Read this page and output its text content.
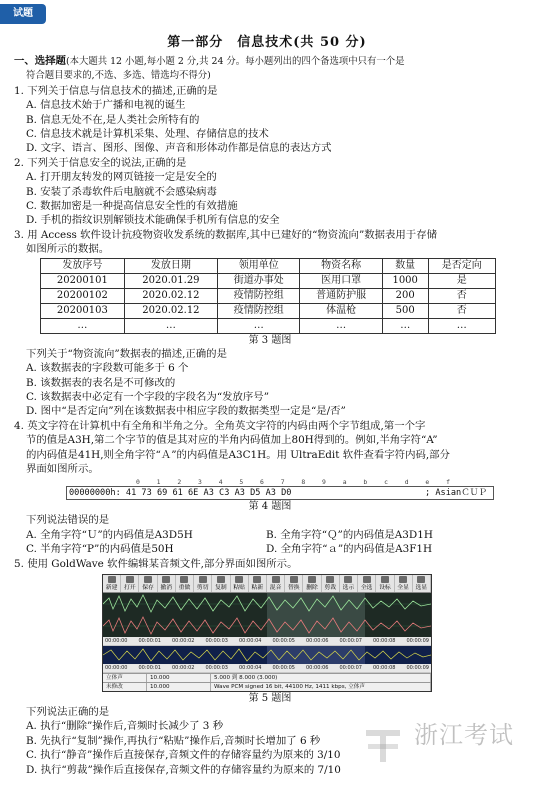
试题
第一部分　信息技术(共 50 分)
一、选择题(本大题共 12 小题,每小题 2 分,共 24 分。每小题列出的四个备选项中只有一个是
符合题目要求的,不选、多选、错选均不得分)
1. 下列关于信息与信息技术的描述,正确的是
A. 信息技术始于广播和电视的诞生
B. 信息无处不在,是人类社会所特有的
C. 信息技术就是计算机采集、处理、存储信息的技术
D. 文字、语言、图形、图像、声音和形体动作都是信息的表达方式
2. 下列关于信息安全的说法,正确的是
A. 打开朋友转发的网页链接一定是安全的
B. 安装了杀毒软件后电脑就不会感染病毒
C. 数据加密是一种提高信息安全性的有效措施
D. 手机的指纹识别解锁技术能确保手机所有信息的安全
3. 用 Access 软件设计抗疫物资收发系统的数据库,其中已建好的“物资流向”数据表用于存储
如图所示的数据。
发放序号	发放日期	领用单位	物资名称	数量	是否定向
20200101	2020.01.29	街道办事处	医用口罩	1000	是
20200102	2020.02.12	疫情防控组	普通防护服	200	否
20200103	2020.02.12	疫情防控组	体温枪	500	否
…	…	…	…	…	…
第 3 题图
下列关于“物资流向”数据表的描述,正确的是
A. 该数据表的字段数可能多于 6 个
B. 该数据表的表名是不可修改的
C. 该数据表中必定有一个字段的字段名为“发放序号”
D. 图中“是否定向”列在该数据表中相应字段的数据类型一定是“是/否”
4. 英文字符在计算机中有全角和半角之分。全角英文字符的内码由两个字节组成,第一个字
节的值是A3H,第二个字节的值是其对应的半角内码值加上80H得到的。例如,半角字符“A”
的内码值是41H,则全角字符“Ａ”的内码值是A3C1H。用 UltraEdit 软件查看字符内码,部分
界面如图所示。
0	1	2	3	4	5	6	7	8	9	a	b	c	d	e	f
00000000h: 41 73 69 61 6E A3 C3 A3 D5 A3 D0	; AsianＣＵＰ
第 4 题图
下列说法错误的是
A. 全角字符“Ｕ”的内码值是A3D5H	B. 全角字符“Ｑ”的内码值是A3D1H
C. 半角字符“P”的内码值是50H	D. 全角字符“ａ”的内码值是A3F1H
5. 使用 GoldWave 软件编辑某音频文件,部分界面如图所示。
新建	打开	保存	撤消	重做	剪切	复制	粘贴	粘新	混音	替换	删除	剪裁	选示	全选	设标	全显	选显
00:00:00 00:00:01 00:00:02 00:00:03 00:00:04 00:00:05 00:00:06 00:00:07 00:00:08 00:00:09
00:00:00 00:00:01 00:00:02 00:00:03 00:00:04 00:00:05 00:00:06 00:00:07 00:00:08 00:00:09
立体声	10.000	5.000 到 8.000 (3.000)
未修改	10.000	Wave PCM signed 16 bit, 44100 Hz, 1411 kbps, 立体声
第 5 题图
下列说法正确的是
A. 执行“删除”操作后,音频时长减少了 3 秒
B. 先执行“复制”操作,再执行“粘贴”操作后,音频时长增加了 6 秒
C. 执行“静音”操作后直接保存,音频文件的存储容量约为原来的 3/10
D. 执行“剪裁”操作后直接保存,音频文件的存储容量约为原来的 7/10
浙江考试
